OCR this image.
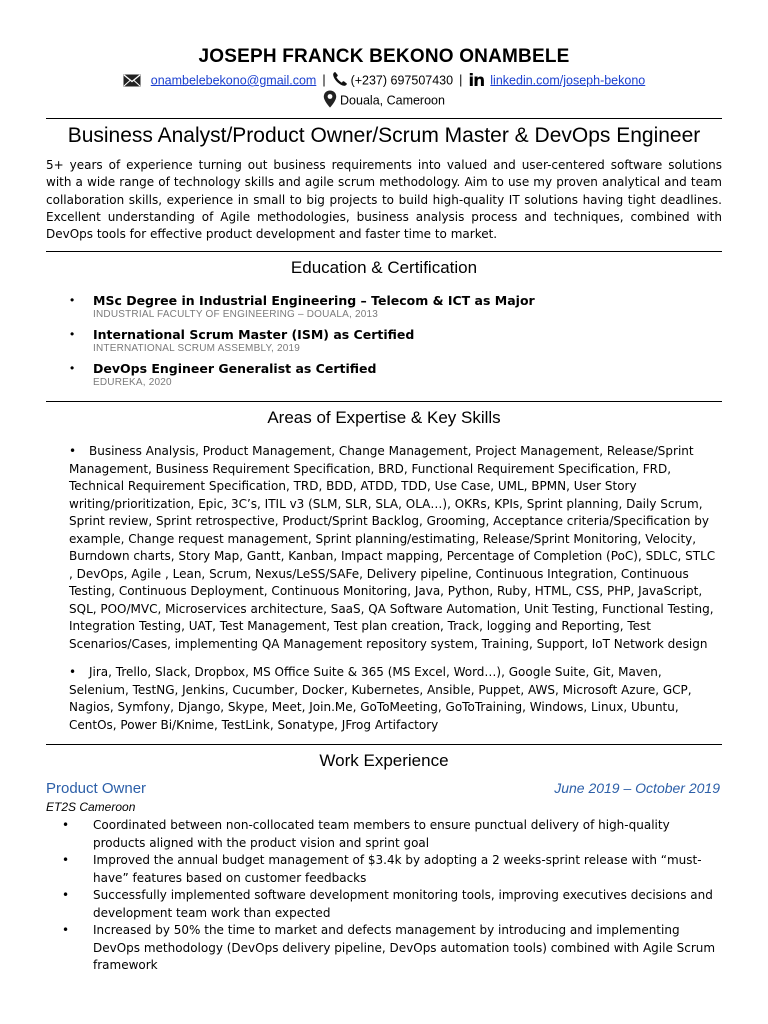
JOSEPH FRANCK BEKONO ONAMBELE
onambelebekono@gmail.com | (+237) 697507430 | in linkedin.com/joseph-bekono
Douala, Cameroon
Business Analyst/Product Owner/Scrum Master & DevOps Engineer
5+ years of experience turning out business requirements into valued and user-centered software solutions with a wide range of technology skills and agile scrum methodology. Aim to use my proven analytical and team collaboration skills, experience in small to big projects to build high-quality IT solutions having tight deadlines. Excellent understanding of Agile methodologies, business analysis process and techniques, combined with DevOps tools for effective product development and faster time to market.
Education & Certification
• MSc Degree in Industrial Engineering – Telecom & ICT as Major
INDUSTRIAL FACULTY OF ENGINEERING – DOUALA, 2013
• International Scrum Master (ISM) as Certified
INTERNATIONAL SCRUM ASSEMBLY, 2019
• DevOps Engineer Generalist as Certified
EDUREKA, 2020
Areas of Expertise & Key Skills
• Business Analysis, Product Management, Change Management, Project Management, Release/Sprint Management, Business Requirement Specification, BRD, Functional Requirement Specification, FRD, Technical Requirement Specification, TRD, BDD, ATDD, TDD, Use Case, UML, BPMN, User Story writing/prioritization, Epic, 3C’s, ITIL v3 (SLM, SLR, SLA, OLA…), OKRs, KPIs, Sprint planning, Daily Scrum, Sprint review, Sprint retrospective, Product/Sprint Backlog, Grooming, Acceptance criteria/Specification by example, Change request management, Sprint planning/estimating, Release/Sprint Monitoring, Velocity, Burndown charts, Story Map, Gantt, Kanban, Impact mapping, Percentage of Completion (PoC), SDLC, STLC , DevOps, Agile , Lean, Scrum, Nexus/LeSS/SAFe, Delivery pipeline, Continuous Integration, Continuous Testing, Continuous Deployment, Continuous Monitoring, Java, Python, Ruby, HTML, CSS, PHP, JavaScript, SQL, POO/MVC, Microservices architecture, SaaS, QA Software Automation, Unit Testing, Functional Testing, Integration Testing, UAT, Test Management, Test plan creation, Track, logging and Reporting, Test Scenarios/Cases, implementing QA Management repository system, Training, Support, IoT Network design
• Jira, Trello, Slack, Dropbox, MS Office Suite & 365 (MS Excel, Word…), Google Suite, Git, Maven, Selenium, TestNG, Jenkins, Cucumber, Docker, Kubernetes, Ansible, Puppet, AWS, Microsoft Azure, GCP, Nagios, Symfony, Django, Skype, Meet, Join.Me, GoToMeeting, GoToTraining, Windows, Linux, Ubuntu, CentOs, Power Bi/Knime, TestLink, Sonatype, JFrog Artifactory
Work Experience
Product Owner	June 2019 – October 2019
ET2S Cameroon
• Coordinated between non-collocated team members to ensure punctual delivery of high-quality products aligned with the product vision and sprint goal
• Improved the annual budget management of $3.4k by adopting a 2 weeks-sprint release with “must-have” features based on customer feedbacks
• Successfully implemented software development monitoring tools, improving executives decisions and development team work than expected
• Increased by 50% the time to market and defects management by introducing and implementing DevOps methodology (DevOps delivery pipeline, DevOps automation tools) combined with Agile Scrum framework
